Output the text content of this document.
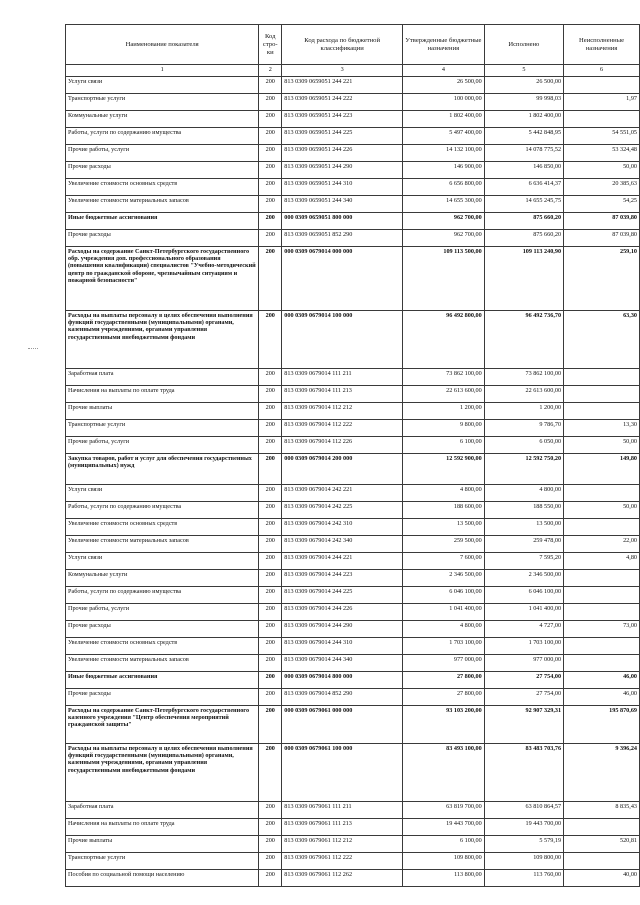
Наименование показателя	Код стро- ки	Код расхода по бюджетной классификации	Утвержденные бюджетные назначения	Исполнено	Неисполненные назначения
1	2	3	4	5	6
Услуги связи	200	813 0309 0659051 244 221	26 500,00	26 500,00	
Транспортные услуги	200	813 0309 0659051 244 222	100 000,00	99 998,03	1,97
Коммунальные услуги	200	813 0309 0659051 244 223	1 802 400,00	1 802 400,00	
Работы, услуги по содержанию имущества	200	813 0309 0659051 244 225	5 497 400,00	5 442 848,95	54 551,05
Прочие работы, услуги	200	813 0309 0659051 244 226	14 132 100,00	14 078 775,52	53 324,48
Прочие расходы	200	813 0309 0659051 244 290	146 900,00	146 850,00	50,00
Увеличение стоимости основных средств	200	813 0309 0659051 244 310	6 656 800,00	6 636 414,37	20 385,63
Увеличение стоимости материальных запасов	200	813 0309 0659051 244 340	14 655 300,00	14 655 245,75	54,25
Иные бюджетные ассигнования	200	000 0309 0659051 800 000	962 700,00	875 660,20	87 039,80
Прочие расходы	200	813 0309 0659051 852 290	962 700,00	875 660,20	87 039,80
Расходы на содержание Санкт-Петербургского государственного обр. учреждения доп. профессионального образования (повышения квалификации) специалистов "Учебно-методический центр по гражданской обороне, чрезвычайным ситуациям и пожарной безопасности"	200	000 0309 0679014 000 000	109 113 500,00	109 113 240,90	259,10
Расходы на выплаты персоналу в целях обеспечения выполнения функций государственными (муниципальными) органами, казенными учреждениями, органами управления государственными внебюджетными фондами	200	000 0309 0679014 100 000	96 492 800,00	96 492 736,70	63,30
Заработная плата	200	813 0309 0679014 111 211	73 862 100,00	73 862 100,00	
Начисления на выплаты по оплате труда	200	813 0309 0679014 111 213	22 613 600,00	22 613 600,00	
Прочие выплаты	200	813 0309 0679014 112 212	1 200,00	1 200,00	
Транспортные услуги	200	813 0309 0679014 112 222	9 800,00	9 786,70	13,30
Прочие работы, услуги	200	813 0309 0679014 112 226	6 100,00	6 050,00	50,00
Закупка товаров, работ и услуг для обеспечения государственных (муниципальных) нужд	200	000 0309 0679014 200 000	12 592 900,00	12 592 750,20	149,80
Услуги связи	200	813 0309 0679014 242 221	4 800,00	4 800,00	
Работы, услуги по содержанию имущества	200	813 0309 0679014 242 225	188 600,00	188 550,00	50,00
Увеличение стоимости основных средств	200	813 0309 0679014 242 310	13 500,00	13 500,00	
Увеличение стоимости материальных запасов	200	813 0309 0679014 242 340	259 500,00	259 478,00	22,00
Услуги связи	200	813 0309 0679014 244 221	7 600,00	7 595,20	4,80
Коммунальные услуги	200	813 0309 0679014 244 223	2 346 500,00	2 346 500,00	
Работы, услуги по содержанию имущества	200	813 0309 0679014 244 225	6 046 100,00	6 046 100,00	
Прочие работы, услуги	200	813 0309 0679014 244 226	1 041 400,00	1 041 400,00	
Прочие расходы	200	813 0309 0679014 244 290	4 800,00	4 727,00	73,00
Увеличение стоимости основных средств	200	813 0309 0679014 244 310	1 703 100,00	1 703 100,00	
Увеличение стоимости материальных запасов	200	813 0309 0679014 244 340	977 000,00	977 000,00	
Иные бюджетные ассигнования	200	000 0309 0679014 800 000	27 800,00	27 754,00	46,00
Прочие расходы	200	813 0309 0679014 852 290	27 800,00	27 754,00	46,00
Расходы на содержание Санкт-Петербургского государственного казенного учреждения "Центр обеспечения мероприятий гражданской защиты"	200	000 0309 0679061 000 000	93 103 200,00	92 907 329,31	195 870,69
Расходы на выплаты персоналу в целях обеспечения выполнения функций государственными (муниципальными) органами, казенными учреждениями, органами управления государственными внебюджетными фондами	200	000 0309 0679061 100 000	83 493 100,00	83 483 703,76	9 396,24
Заработная плата	200	813 0309 0679061 111 211	63 819 700,00	63 810 864,57	8 835,43
Начисления на выплаты по оплате труда	200	813 0309 0679061 111 213	19 443 700,00	19 443 700,00	
Прочие выплаты	200	813 0309 0679061 112 212	6 100,00	5 579,19	520,81
Транспортные услуги	200	813 0309 0679061 112 222	109 800,00	109 800,00	
Пособия по социальной помощи населению	200	813 0309 0679061 112 262	113 800,00	113 760,00	40,00
